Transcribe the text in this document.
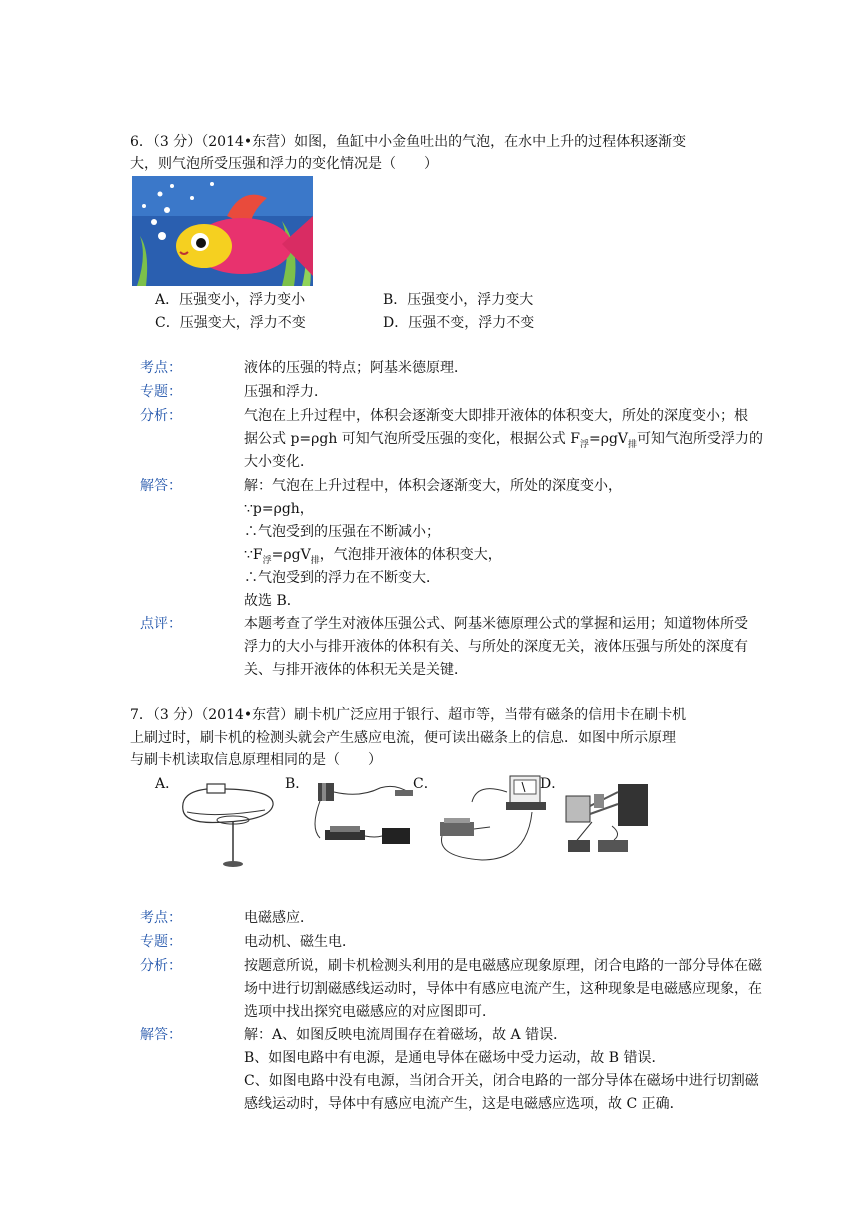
6．（3 分）（2014•东营）如图，鱼缸中小金鱼吐出的气泡，在水中上升的过程体积逐渐变
大，则气泡所受压强和浮力的变化情况是（　　）
A．压强变小，浮力变小	B．压强变小，浮力变大
C．压强变大，浮力不变	D．压强不变，浮力不变
考点：	液体的压强的特点；阿基米德原理．
专题：	压强和浮力．
分析：	气泡在上升过程中，体积会逐渐变大即排开液体的体积变大，所处的深度变小；根
据公式 p=ρgh 可知气泡所受压强的变化，根据公式 $F_浮=\rho gV_排$可知气泡所受浮力的
大小变化．
解答：	解：气泡在上升过程中，体积会逐渐变大，所处的深度变小，
∵p=ρgh，
∴气泡受到的压强在不断减小；
$\because F_浮=\rho gV_排$，气泡排开液体的体积变大，
∴气泡受到的浮力在不断变大．
故选 B．
点评：	本题考查了学生对液体压强公式、阿基米德原理公式的掌握和运用；知道物体所受
浮力的大小与排开液体的体积有关、与所处的深度无关，液体压强与所处的深度有
关、与排开液体的体积无关是关键．
7．（3 分）（2014•东营）刷卡机广泛应用于银行、超市等，当带有磁条的信用卡在刷卡机
上刷过时，刷卡机的检测头就会产生感应电流，便可读出磁条上的信息．如图中所示原理
与刷卡机读取信息原理相同的是（　　）
A．	B．	C．	D．
考点：	电磁感应．
专题：	电动机、磁生电．
分析：	按题意所说，刷卡机检测头利用的是电磁感应现象原理，闭合电路的一部分导体在磁
场中进行切割磁感线运动时，导体中有感应电流产生，这种现象是电磁感应现象，在
选项中找出探究电磁感应的对应图即可．
解答：	解：A、如图反映电流周围存在着磁场，故 A 错误．
B、如图电路中有电源，是通电导体在磁场中受力运动，故 B 错误．
C、如图电路中没有电源，当闭合开关，闭合电路的一部分导体在磁场中进行切割磁
感线运动时，导体中有感应电流产生，这是电磁感应选项，故 C 正确．
